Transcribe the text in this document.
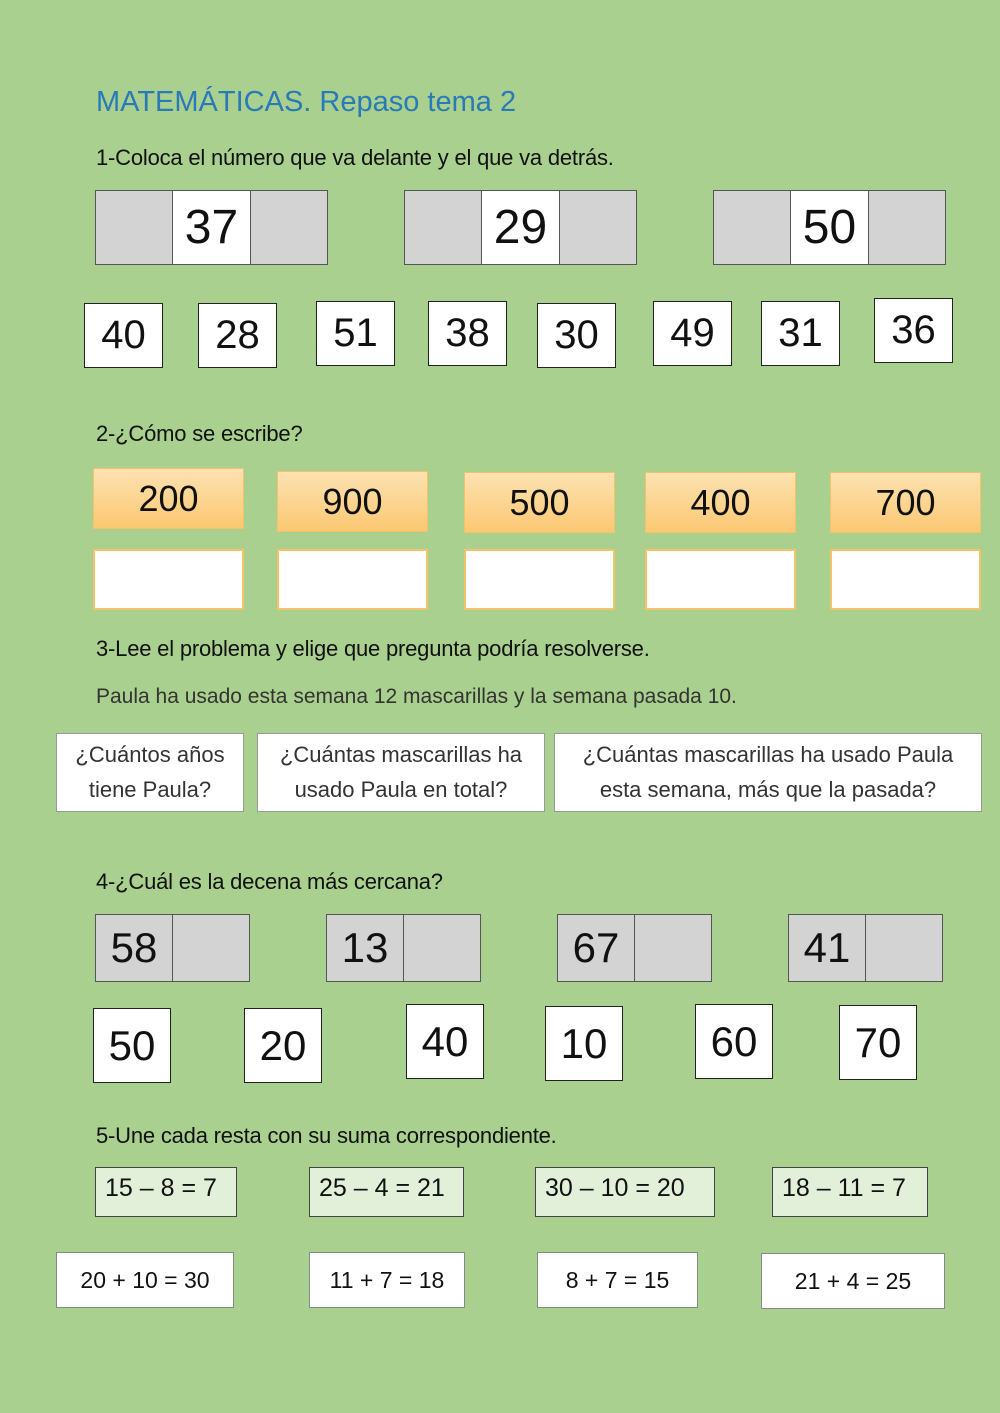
MATEMÁTICAS. Repaso tema 2
1-Coloca el número que va delante y el que va detrás.
37	29	50
40	28	51	38	30	49	31	36
2-¿Cómo se escribe?
200	900	500	400	700
3-Lee el problema y elige que pregunta podría resolverse.
Paula ha usado esta semana 12 mascarillas y la semana pasada 10.
¿Cuántos años
tiene Paula?
¿Cuántas mascarillas ha
usado Paula en total?
¿Cuántas mascarillas ha usado Paula
esta semana, más que la pasada?
4-¿Cuál es la decena más cercana?
58	13	67	41
50	20	40	10	60	70
5-Une cada resta con su suma correspondiente.
15 – 8 = 7	25 – 4 = 21	30 – 10 = 20	18 – 11 = 7
20 + 10 = 30	11 + 7 = 18	8 + 7 = 15	21 + 4 = 25
